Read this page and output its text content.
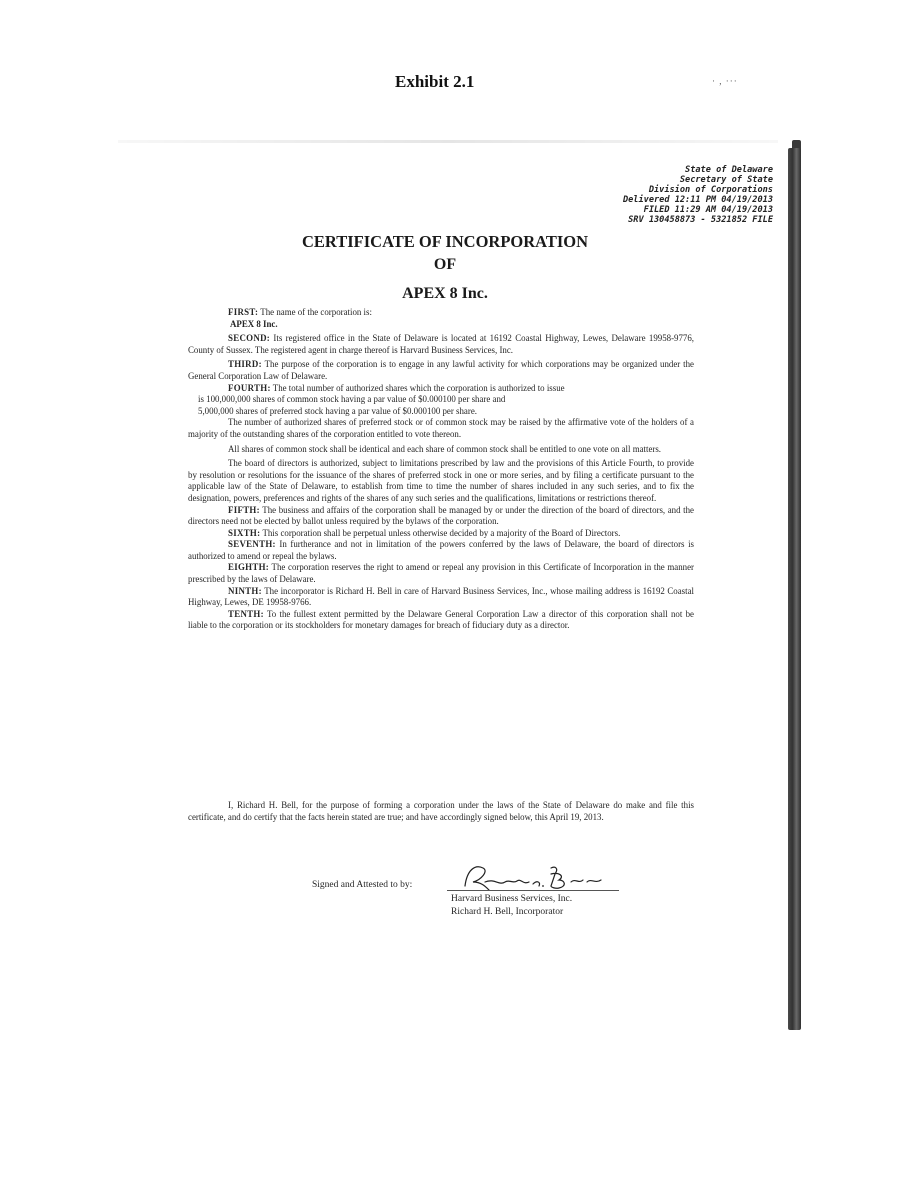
Exhibit 2.1	· , ···
State of Delaware
Secretary of State
Division of Corporations
Delivered 12:11 PM 04/19/2013
FILED 11:29 AM 04/19/2013
SRV 130458873 - 5321852 FILE
CERTIFICATE OF INCORPORATION
OF
APEX 8 Inc.

FIRST: The name of the corporation is:

APEX 8 Inc.

SECOND: Its registered office in the State of Delaware is located at 16192 Coastal Highway, Lewes, Delaware 19958-9776, County of Sussex. The registered agent in charge thereof is Harvard Business Services, Inc.

THIRD: The purpose of the corporation is to engage in any lawful activity for which corporations may be organized under the General Corporation Law of Delaware.

FOURTH: The total number of authorized shares which the corporation is authorized to issue

is 100,000,000 shares of common stock having a par value of $0.000100 per share and

5,000,000 shares of preferred stock having a par value of $0.000100 per share.

The number of authorized shares of preferred stock or of common stock may be raised by the affirmative vote of the holders of a majority of the outstanding shares of the corporation entitled to vote thereon.

All shares of common stock shall be identical and each share of common stock shall be entitled to one vote on all matters.

The board of directors is authorized, subject to limitations prescribed by law and the provisions of this Article Fourth, to provide by resolution or resolutions for the issuance of the shares of preferred stock in one or more series, and by filing a certificate pursuant to the applicable law of the State of Delaware, to establish from time to time the number of shares included in any such series, and to fix the designation, powers, preferences and rights of the shares of any such series and the qualifications, limitations or restrictions thereof.

FIFTH: The business and affairs of the corporation shall be managed by or under the direction of the board of directors, and the directors need not be elected by ballot unless required by the bylaws of the corporation.

SIXTH: This corporation shall be perpetual unless otherwise decided by a majority of the Board of Directors.

SEVENTH: In furtherance and not in limitation of the powers conferred by the laws of Delaware, the board of directors is authorized to amend or repeal the bylaws.

EIGHTH: The corporation reserves the right to amend or repeal any provision in this Certificate of Incorporation in the manner prescribed by the laws of Delaware.

NINTH: The incorporator is Richard H. Bell in care of Harvard Business Services, Inc., whose mailing address is 16192 Coastal Highway, Lewes, DE 19958-9766.

TENTH: To the fullest extent permitted by the Delaware General Corporation Law a director of this corporation shall not be liable to the corporation or its stockholders for monetary damages for breach of fiduciary duty as a director.

I, Richard H. Bell, for the purpose of forming a corporation under the laws of the State of Delaware do make and file this certificate, and do certify that the facts herein stated are true; and have accordingly signed below, this April 19, 2013.

Signed and Attested to by:
Harvard Business Services, Inc.
Richard H. Bell, Incorporator
